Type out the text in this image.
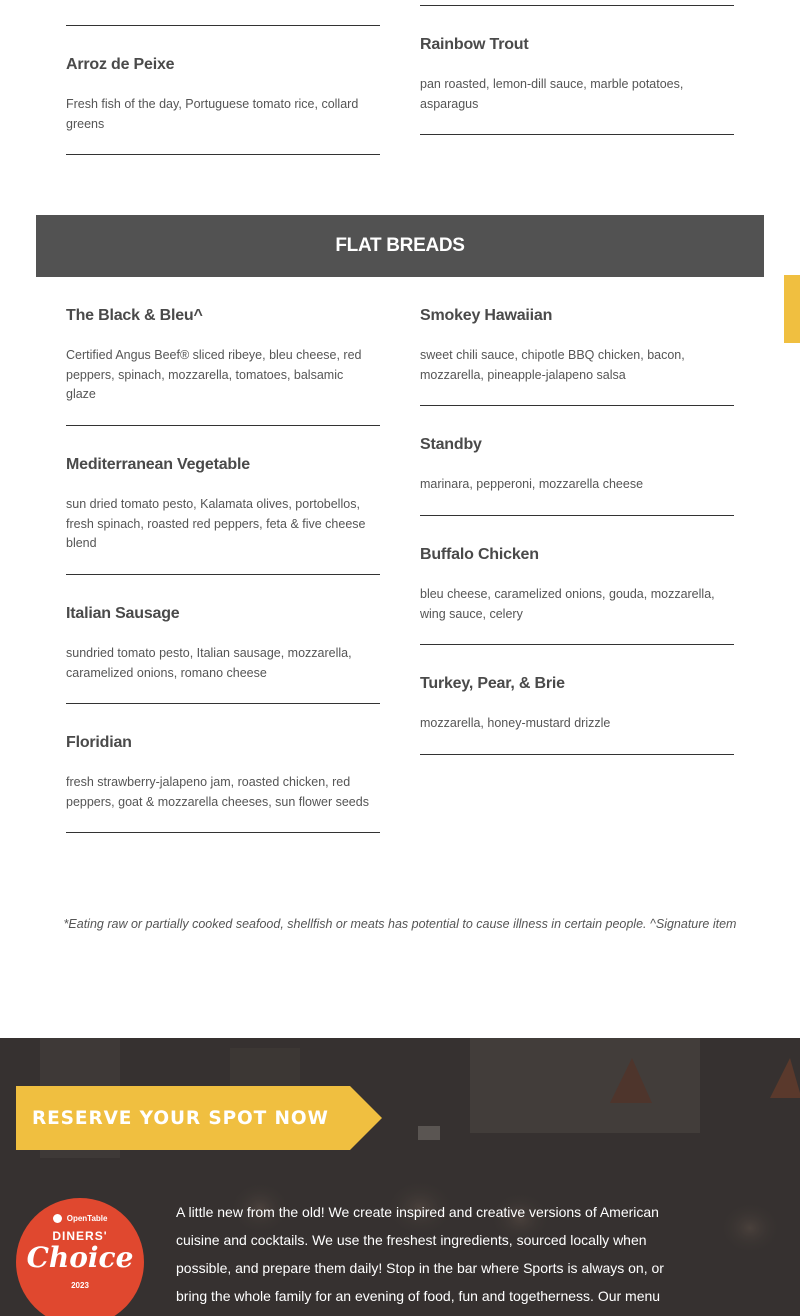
Arroz de Peixe
Fresh fish of the day, Portuguese tomato rice, collard greens
Rainbow Trout
pan roasted, lemon-dill sauce, marble potatoes, asparagus
FLAT BREADS
The Black & Bleu^
Certified Angus Beef® sliced ribeye, bleu cheese, red peppers, spinach, mozzarella, tomatoes, balsamic glaze
Mediterranean Vegetable
sun dried tomato pesto, Kalamata olives, portobellos, fresh spinach, roasted red peppers, feta & five cheese blend
Italian Sausage
sundried tomato pesto, Italian sausage, mozzarella, caramelized onions, romano cheese
Floridian
fresh strawberry-jalapeno jam, roasted chicken, red peppers, goat & mozzarella cheeses, sun flower seeds
Smokey Hawaiian
sweet chili sauce, chipotle BBQ chicken, bacon, mozzarella, pineapple-jalapeno salsa
Standby
marinara, pepperoni, mozzarella cheese
Buffalo Chicken
bleu cheese, caramelized onions, gouda, mozzarella, wing sauce, celery
Turkey, Pear, & Brie
mozzarella, honey-mustard drizzle
*Eating raw or partially cooked seafood, shellfish or meats has potential to cause illness in certain people. ^Signature item
RESERVE YOUR SPOT NOW
OpenTable
DINERS'
Choice
2023
A little new from the old! We create inspired and creative versions of American cuisine and cocktails. We use the freshest ingredients, sourced locally when possible, and prepare them daily! Stop in the bar where Sports is always on, or bring the whole family for an evening of food, fun and togetherness. Our menu
